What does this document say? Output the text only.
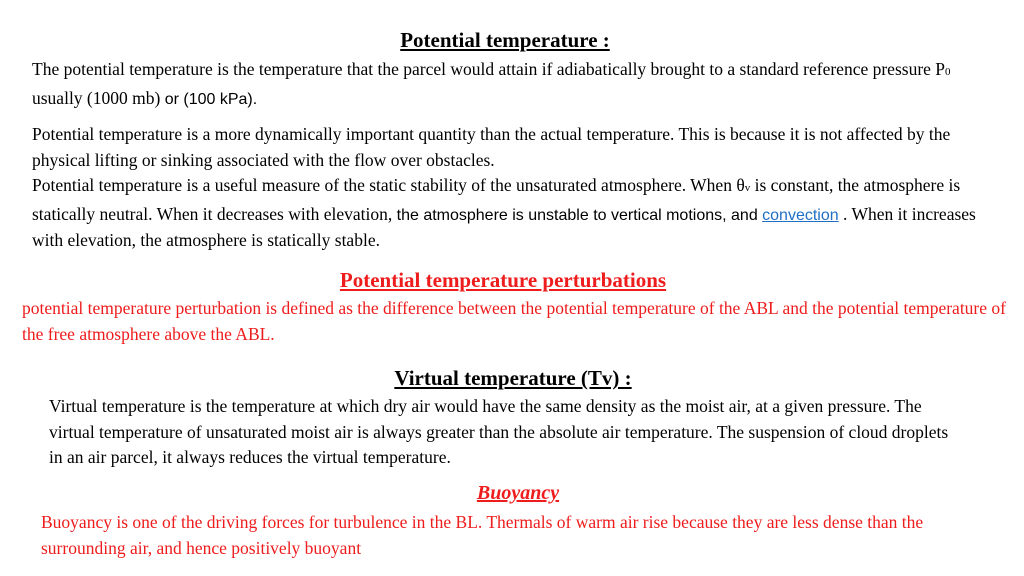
Potential temperature :
The potential temperature is the temperature that the parcel would attain if adiabatically brought to a standard reference pressure P0 usually (1000 mb) or (100 kPa).
Potential temperature is a more dynamically important quantity than the actual temperature. This is because it is not affected by the physical lifting or sinking associated with the flow over obstacles.
Potential temperature is a useful measure of the static stability of the unsaturated atmosphere. When θv is constant, the atmosphere is statically neutral. When it decreases with elevation, the atmosphere is unstable to vertical motions, and convection . When it increases with elevation, the atmosphere is statically stable.
Potential temperature perturbations
potential temperature perturbation is defined as the difference between the potential temperature of the ABL and the potential temperature of the free atmosphere above the ABL.
Virtual temperature (Tv) :
Virtual temperature is the temperature at which dry air would have the same density as the moist air, at a given pressure. The virtual temperature of unsaturated moist air is always greater than the absolute air temperature. The suspension of cloud droplets in an air parcel, it always reduces the virtual temperature.
Buoyancy
Buoyancy is one of the driving forces for turbulence in the BL. Thermals of warm air rise because they are less dense than the surrounding air, and hence positively buoyant
